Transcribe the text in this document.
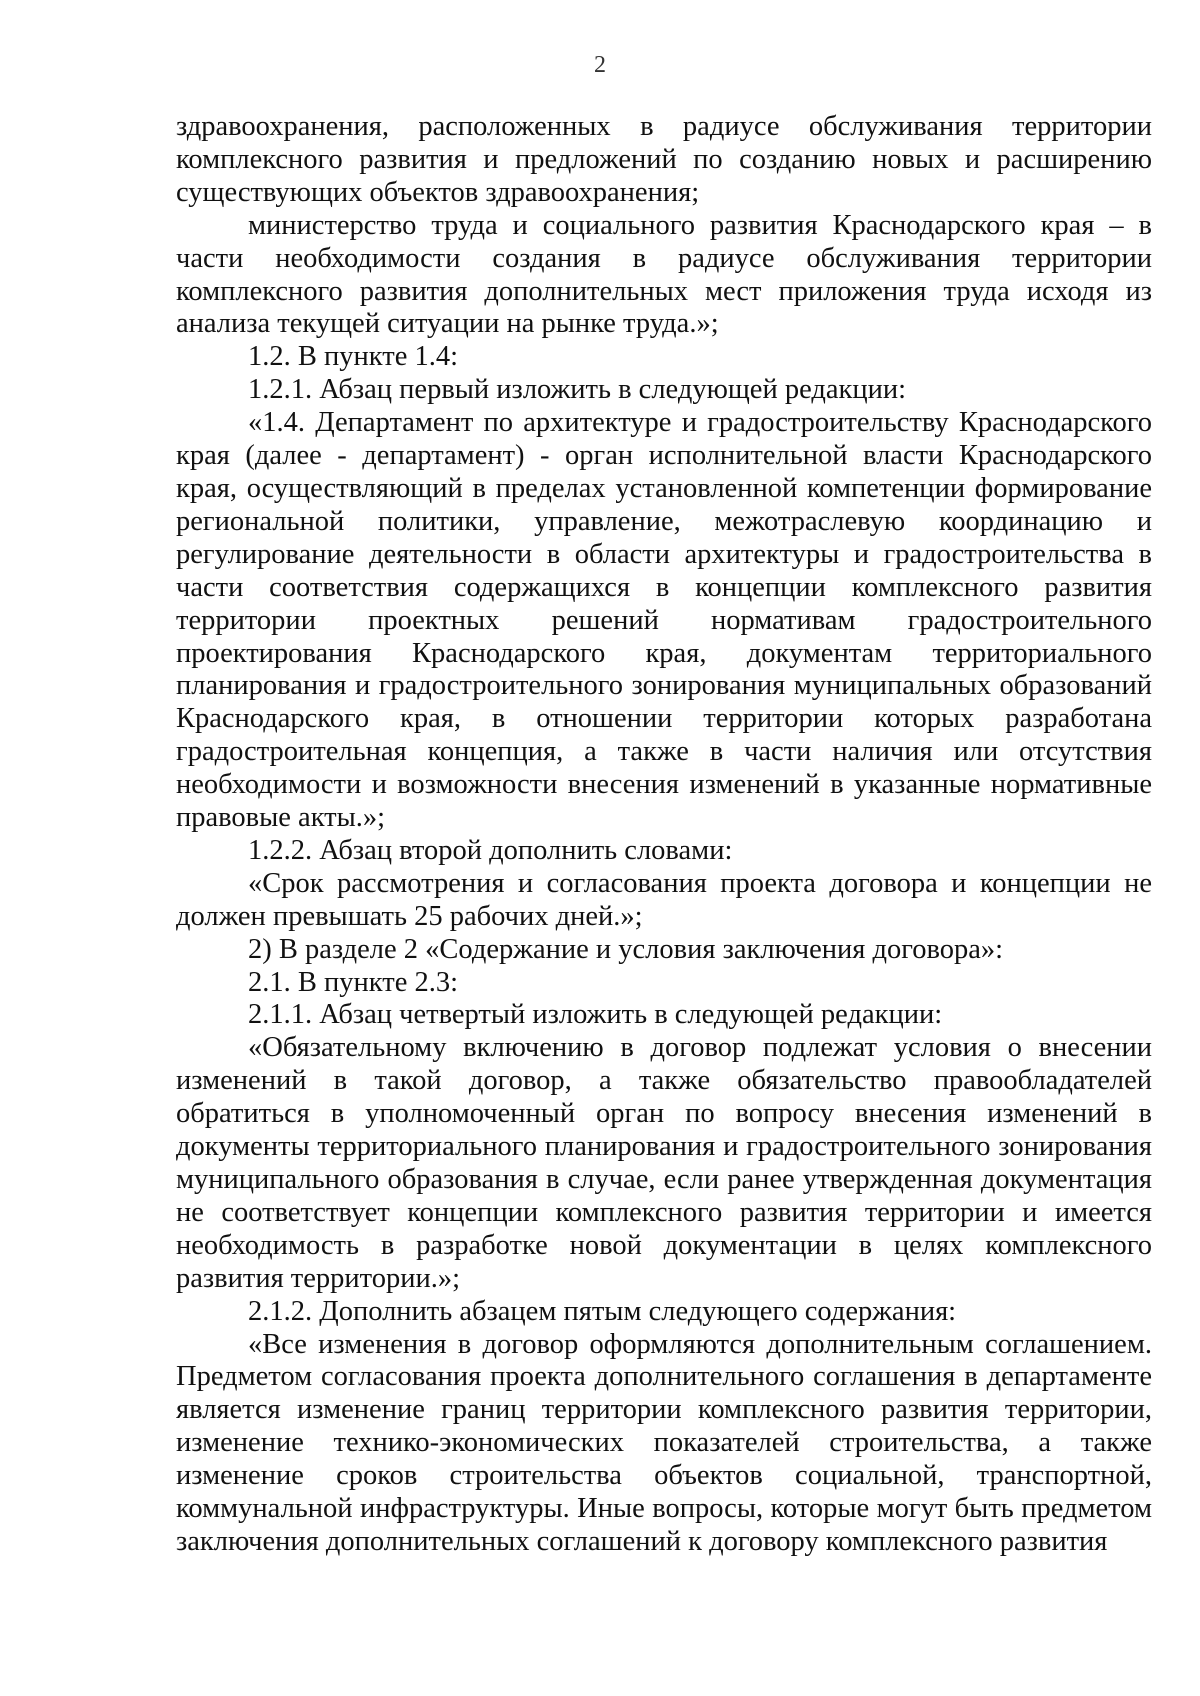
2

здравоохранения, расположенных в радиусе обслуживания территории комплексного развития и предложений по созданию новых и расширению существующих объектов здравоохранения;

министерство труда и социального развития Краснодарского края – в части необходимости создания в радиусе обслуживания территории комплексного развития дополнительных мест приложения труда исходя из анализа текущей ситуации на рынке труда.»;

1.2. В пункте 1.4:

1.2.1. Абзац первый изложить в следующей редакции:

«1.4. Департамент по архитектуре и градостроительству Краснодарского края (далее - департамент) - орган исполнительной власти Краснодарского края, осуществляющий в пределах установленной компетенции формирование региональной политики, управление, межотраслевую координацию и регулирование деятельности в области архитектуры и градостроительства в части соответствия содержащихся в концепции комплексного развития территории проектных решений нормативам градостроительного проектирования Краснодарского края, документам территориального планирования и градостроительного зонирования муниципальных образований Краснодарского края, в отношении территории которых разработана градостроительная концепция, а также в части наличия или отсутствия необходимости и возможности внесения изменений в указанные нормативные правовые акты.»;

1.2.2. Абзац второй дополнить словами:

«Срок рассмотрения и согласования проекта договора и концепции не должен превышать 25 рабочих дней.»;

2) В разделе 2 «Содержание и условия заключения договора»:

2.1. В пункте 2.3:

2.1.1. Абзац четвертый изложить в следующей редакции:

«Обязательному включению в договор подлежат условия о внесении изменений в такой договор, а также обязательство правообладателей обратиться в уполномоченный орган по вопросу внесения изменений в документы территориального планирования и градостроительного зонирования муниципального образования в случае, если ранее утвержденная документация не соответствует концепции комплексного развития территории и имеется необходимость в разработке новой документации в целях комплексного развития территории.»;

2.1.2. Дополнить абзацем пятым следующего содержания:

«Все изменения в договор оформляются дополнительным соглашением. Предметом согласования проекта дополнительного соглашения в департаменте является изменение границ территории комплексного развития территории, изменение технико-экономических показателей строительства, а также изменение сроков строительства объектов социальной, транспортной, коммунальной инфраструктуры. Иные вопросы, которые могут быть предметом заключения дополнительных соглашений к договору комплексного развития
